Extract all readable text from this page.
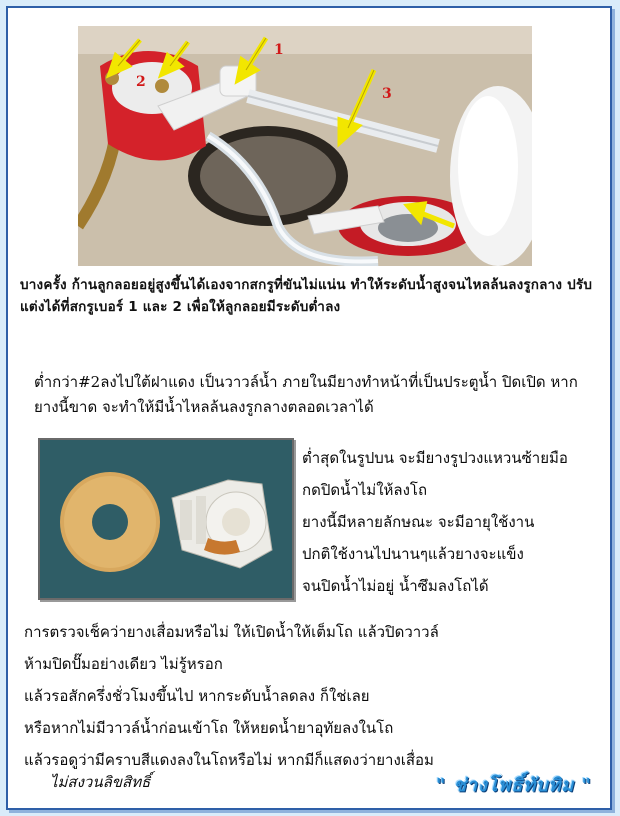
1
2
3
บางครั้ง ก้านลูกลอยอยู่สูงขึ้นได้เองจากสกรูที่ขันไม่แน่น ทำให้ระดับน้ำสูงจนไหลล้นลงรูกลาง ปรับแต่งได้ที่สกรูเบอร์ 1 และ 2 เพื่อให้ลูกลอยมีระดับต่ำลง
ต่ำกว่า#2ลงไปใต้ฝาแดง เป็นวาวล์น้ำ ภายในมียางทำหน้าที่เป็นประตูน้ำ ปิดเปิด หากยางนี้ขาด จะทำให้มีน้ำไหลล้นลงรูกลางตลอดเวลาได้
ต่ำสุดในรูปบน จะมียางรูปวงแหวนซ้ายมือ
กดปิดน้ำไม่ให้ลงโถ
ยางนี้มีหลายลักษณะ จะมีอายุใช้งาน
ปกติใช้งานไปนานๆแล้วยางจะแข็ง
จนปิดน้ำไม่อยู่ น้ำซึมลงโถได้
การตรวจเช็คว่ายางเสื่อมหรือไม่ ให้เปิดน้ำให้เต็มโถ แล้วปิดวาวล์
ห้ามปิดปั๊มอย่างเดียว ไม่รู้หรอก
แล้วรอสักครึ่งชั่วโมงขึ้นไป หากระดับน้ำลดลง ก็ใช่เลย
หรือหากไม่มีวาวล์น้ำก่อนเข้าโถ ให้หยดน้ำยาอุทัยลงในโถ
แล้วรอดูว่ามีคราบสีแดงลงในโถหรือไม่ หากมีก็แสดงว่ายางเสื่อม
ไม่สงวนลิขสิทธิ์	" ช่างโพธิ์ทับทิม "
